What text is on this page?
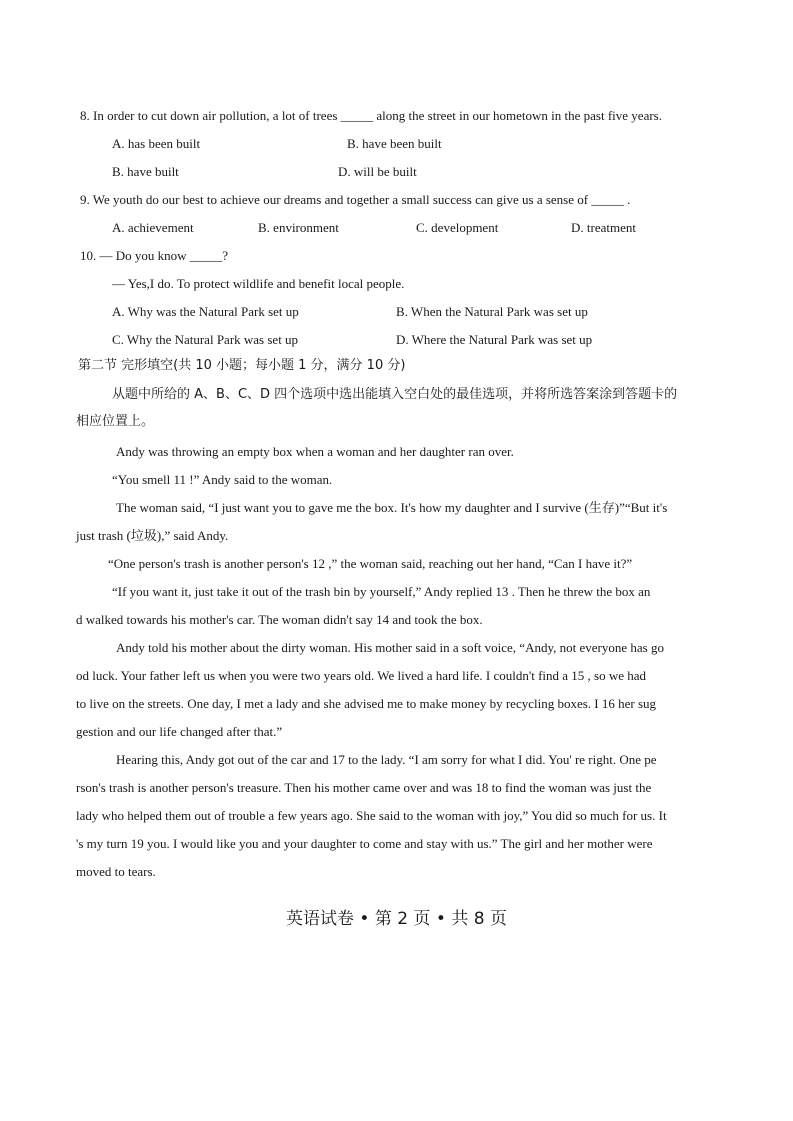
8. In order to cut down air pollution, a lot of trees _____ along the street in our hometown in the past five years.
A. has been built	B. have been built
B. have built	D. will be built
9. We youth do our best to achieve our dreams and together a small success can give us a sense of _____ .
A. achievement	B. environment	C. development	D. treatment
10. — Do you know _____?
— Yes,I do. To protect wildlife and benefit local people.
A. Why was the Natural Park set up	B. When the Natural Park was set up
C. Why the Natural Park was set up	D. Where the Natural Park was set up
第二节 完形填空(共 10 小题；每小题 1 分，满分 10 分)
从题中所给的 A、B、C、D 四个选项中选出能填入空白处的最佳选项，并将所选答案涂到答题卡的
相应位置上。
Andy was throwing an empty box when a woman and her daughter ran over.
“You smell 11 !” Andy said to the woman.
The woman said, “I just want you to gave me the box. It's how my daughter and I survive (生存)”“But it's
just trash (垃圾),” said Andy.
“One person's trash is another person's 12 ,” the woman said, reaching out her hand, “Can I have it?”
“If you want it, just take it out of the trash bin by yourself,” Andy replied 13 . Then he threw the box an
d walked towards his mother's car. The woman didn't say 14 and took the box.
Andy told his mother about the dirty woman. His mother said in a soft voice, “Andy, not everyone has go
od luck. Your father left us when you were two years old. We lived a hard life. I couldn't find a 15 , so we had
to live on the streets. One day, I met a lady and she advised me to make money by recycling boxes. I 16 her sug
gestion and our life changed after that.”
Hearing this, Andy got out of the car and 17 to the lady. “I am sorry for what I did. You' re right. One pe
rson's trash is another person's treasure. Then his mother came over and was 18 to find the woman was just the
lady who helped them out of trouble a few years ago. She said to the woman with joy,” You did so much for us. It
's my turn 19 you. I would like you and your daughter to come and stay with us.” The girl and her mother were
moved to tears.
英语试卷 • 第 2 页 • 共 8 页
